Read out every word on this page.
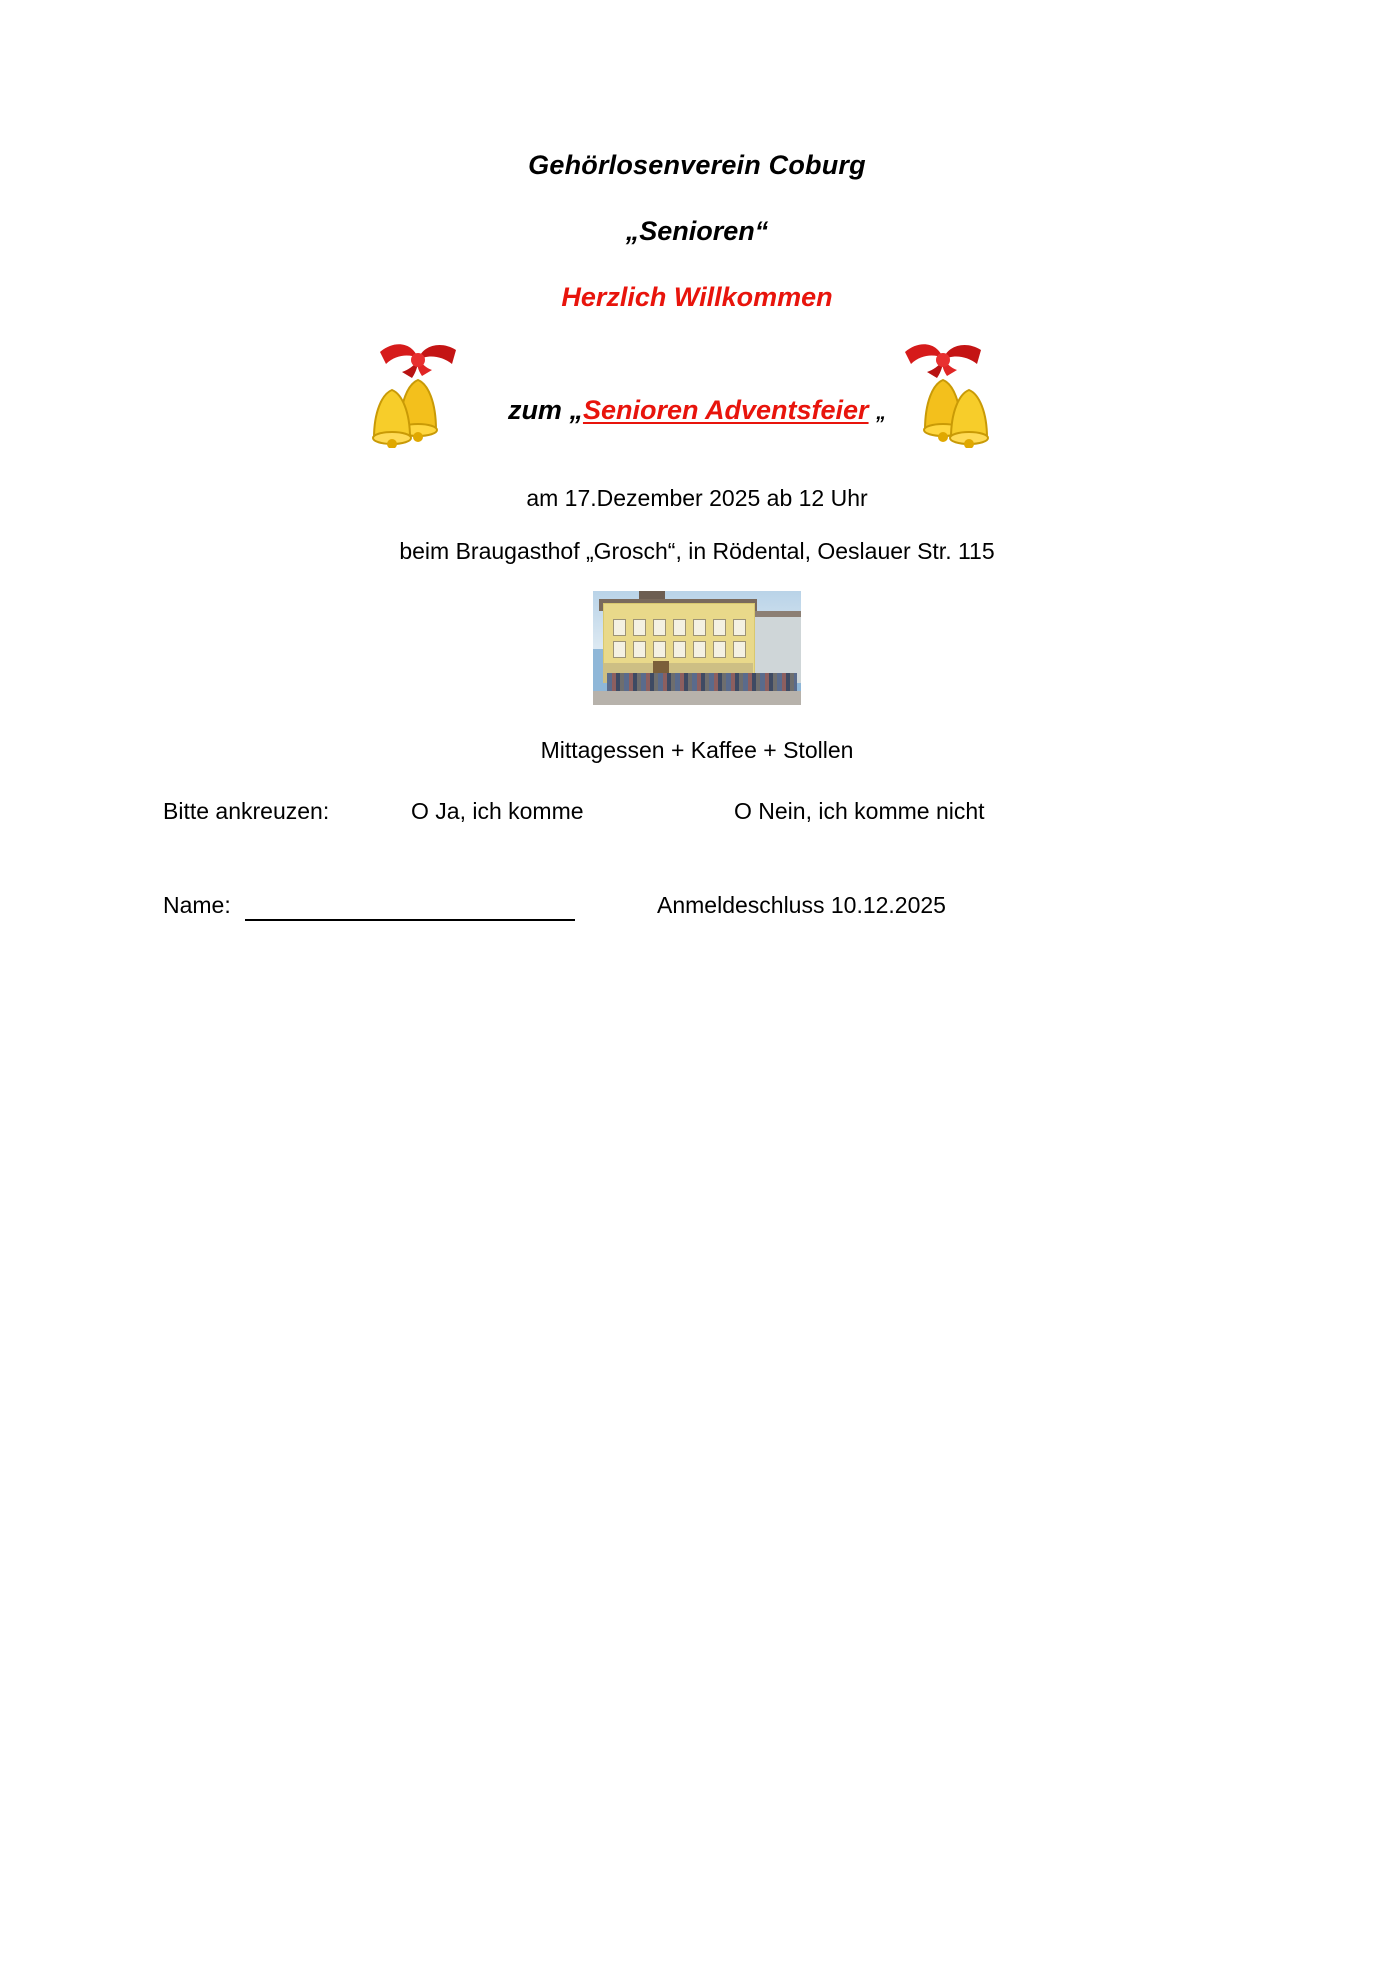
Gehörlosenverein Coburg
„Senioren“
Herzlich Willkommen
zum „Senioren Adventsfeier „
am 17.Dezember 2025 ab 12 Uhr
beim Braugasthof „Grosch“, in Rödental, Oeslauer Str. 115
Mittagessen + Kaffee + Stollen
Bitte ankreuzen:	O Ja, ich komme	O Nein, ich komme nicht
Name:	Anmeldeschluss 10.12.2025
